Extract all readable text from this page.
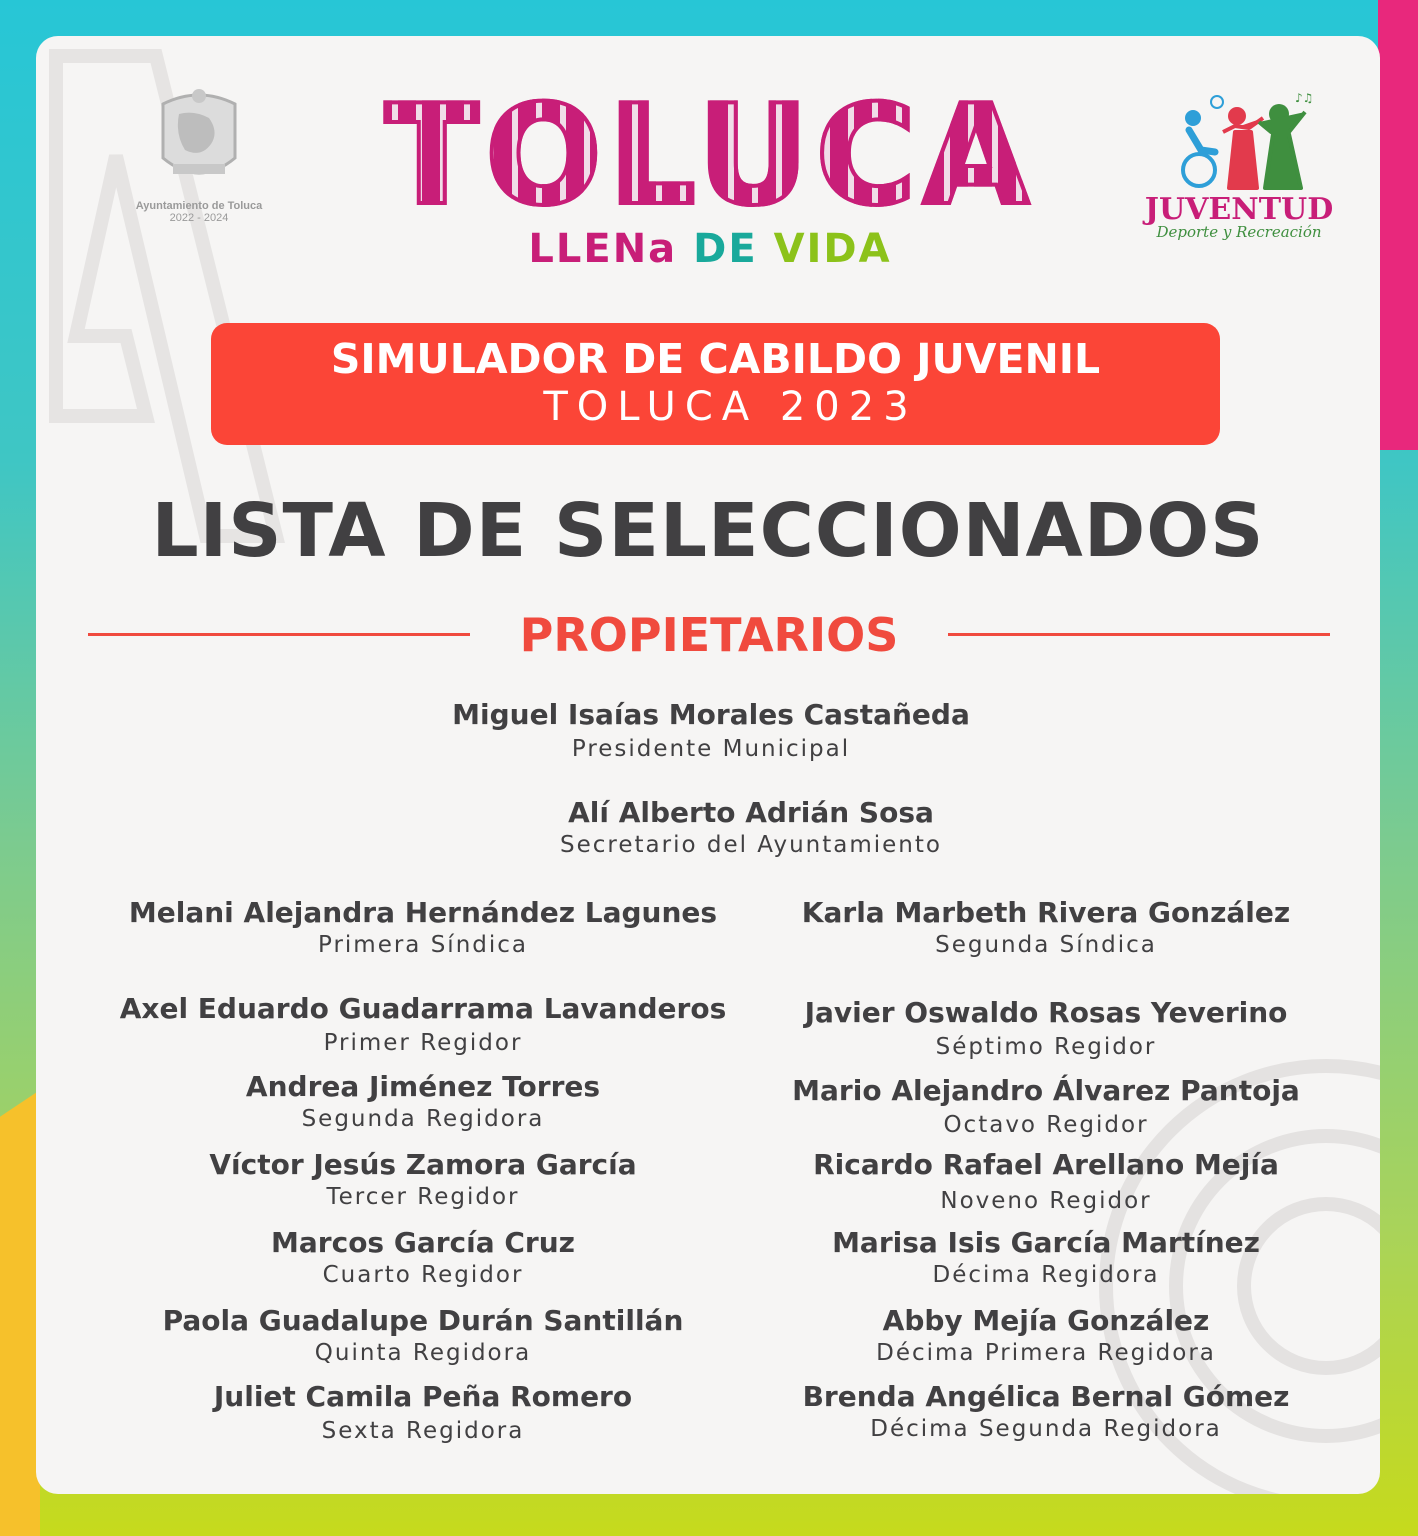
Ayuntamiento de Toluca
2022 - 2024	TOLUCA
LLENa DE VIDA
♪♫
JUVENTUD
Deporte y Recreación
SIMULADOR DE CABILDO JUVENIL
TOLUCA 2023
LISTA DE SELECCIONADOS
PROPIETARIOS
Miguel Isaías Morales Castañeda
Presidente Municipal
Alí Alberto Adrián Sosa
Secretario del Ayuntamiento
Melani Alejandra Hernández Lagunes
Primera Síndica
Axel Eduardo Guadarrama Lavanderos
Primer Regidor
Andrea Jiménez Torres
Segunda Regidora
Víctor Jesús Zamora García
Tercer Regidor
Marcos García Cruz
Cuarto Regidor
Paola Guadalupe Durán Santillán
Quinta Regidora
Juliet Camila Peña Romero
Sexta Regidora
Karla Marbeth Rivera González
Segunda Síndica
Javier Oswaldo Rosas Yeverino
Séptimo Regidor
Mario Alejandro Álvarez Pantoja
Octavo Regidor
Ricardo Rafael Arellano Mejía
Noveno Regidor
Marisa Isis García Martínez
Décima Regidora
Abby Mejía González
Décima Primera Regidora
Brenda Angélica Bernal Gómez
Décima Segunda Regidora
